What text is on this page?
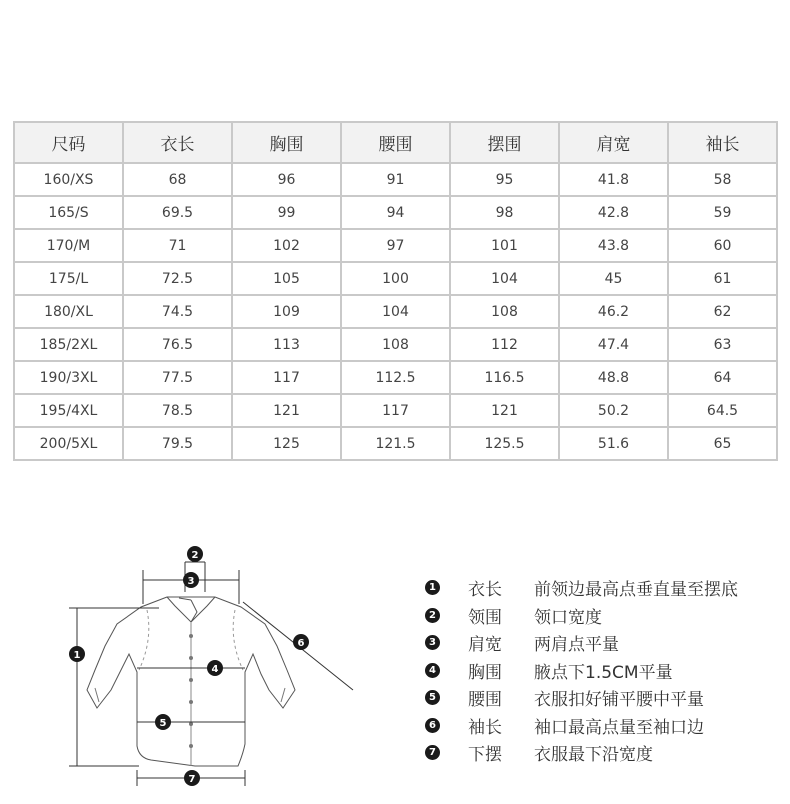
尺码	衣长	胸围	腰围	摆围	肩宽	袖长
160/XS	68	96	91	95	41.8	58
165/S	69.5	99	94	98	42.8	59
170/M	71	102	97	101	43.8	60
175/L	72.5	105	100	104	45	61
180/XL	74.5	109	104	108	46.2	62
185/2XL	76.5	113	108	112	47.4	63
190/3XL	77.5	117	112.5	116.5	48.8	64
195/4XL	78.5	121	117	121	50.2	64.5
200/5XL	79.5	125	121.5	125.5	51.6	65
1
2
3
4
5
6
7
1 衣长	前领边最高点垂直量至摆底
2 领围	领口宽度
3 肩宽	两肩点平量
4 胸围	腋点下1.5CM平量
5 腰围	衣服扣好铺平腰中平量
6 袖长	袖口最高点量至袖口边
7 下摆	衣服最下沿宽度
